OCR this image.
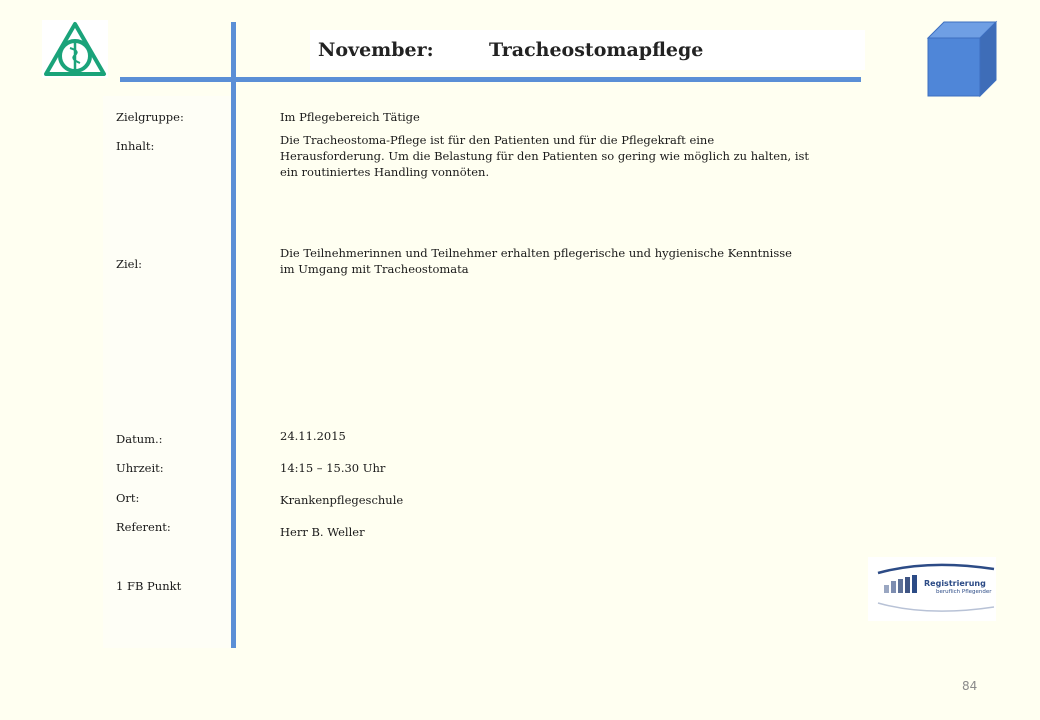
November:	Tracheostomapflege
Zielgruppe:
Inhalt:
Ziel:
Datum.:
Uhrzeit:
Ort:
Referent:
1 FB Punkt
Im Pflegebereich Tätige
Die Tracheostoma-Pflege ist für den Patienten und für die Pflegekraft eine Herausforderung. Um die Belastung für den Patienten so gering wie möglich zu halten, ist ein routiniertes Handling vonnöten.
Die Teilnehmerinnen und Teilnehmer erhalten pflegerische und hygienische Kenntnisse im Umgang mit Tracheostomata
24.11.2015
14:15 – 15.30 Uhr
Krankenpflegeschule
Herr B. Weller
Registrierung
beruflich Pflegender
84
